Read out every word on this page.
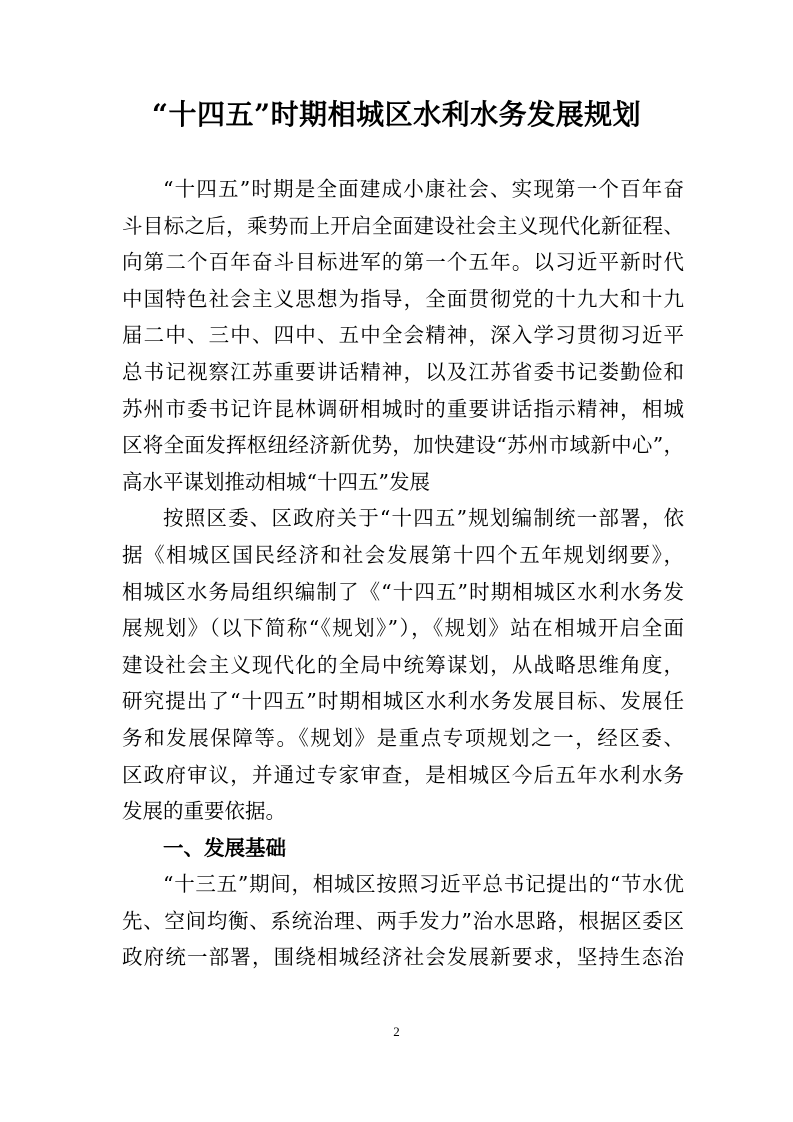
“十四五”时期相城区水利水务发展规划
“十四五”时期是全面建成小康社会、实现第一个百年奋
斗目标之后，乘势而上开启全面建设社会主义现代化新征程、
向第二个百年奋斗目标进军的第一个五年。以习近平新时代
中国特色社会主义思想为指导，全面贯彻党的十九大和十九
届二中、三中、四中、五中全会精神，深入学习贯彻习近平
总书记视察江苏重要讲话精神，以及江苏省委书记娄勤俭和
苏州市委书记许昆林调研相城时的重要讲话指示精神，相城
区将全面发挥枢纽经济新优势，加快建设“苏州市域新中心”，
高水平谋划推动相城“十四五”发展
按照区委、区政府关于“十四五”规划编制统一部署，依
据《相城区国民经济和社会发展第十四个五年规划纲要》，
相城区水务局组织编制了《“十四五”时期相城区水利水务发
展规划》（以下简称“《规划》”），《规划》站在相城开启全面
建设社会主义现代化的全局中统筹谋划，从战略思维角度，
研究提出了“十四五”时期相城区水利水务发展目标、发展任
务和发展保障等。《规划》是重点专项规划之一，经区委、
区政府审议，并通过专家审查，是相城区今后五年水利水务
发展的重要依据。
一、发展基础
“十三五”期间，相城区按照习近平总书记提出的“节水优
先、空间均衡、系统治理、两手发力”治水思路，根据区委区
政府统一部署，围绕相城经济社会发展新要求，坚持生态治
2
